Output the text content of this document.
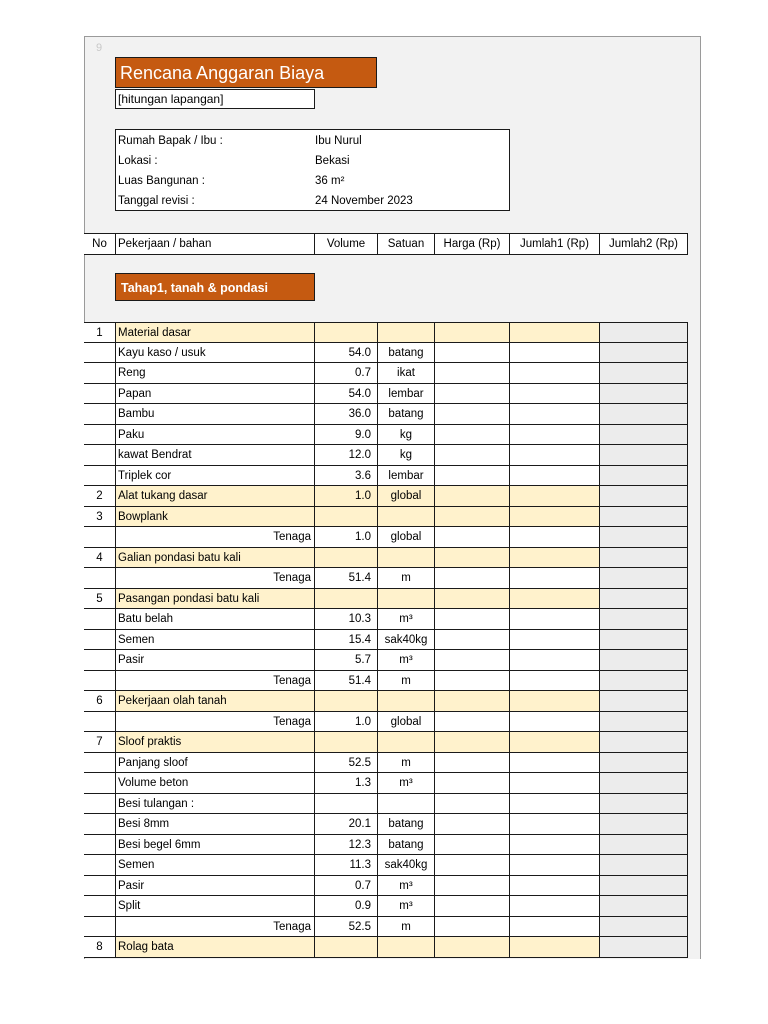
9
Rencana Anggaran Biaya
[hitungan lapangan]
Rumah Bapak / Ibu :	Ibu Nurul
Lokasi :	Bekasi
Luas Bangunan :	36 m²
Tanggal revisi :	24 November 2023
No Pekerjaan / bahan	Volume	Satuan	Harga (Rp)	Jumlah1 (Rp)	Jumlah2 (Rp)
Tahap1, tanah & pondasi
1	Material dasar
Kayu kaso / usuk	54.0	batang
Reng	0.7	ikat
Papan	54.0	lembar
Bambu	36.0	batang
Paku	9.0	kg
kawat Bendrat	12.0	kg
Triplek cor	3.6	lembar
2	Alat tukang dasar	1.0	global
3	Bowplank
Tenaga	1.0	global
4	Galian pondasi batu kali
Tenaga	51.4	m
5	Pasangan pondasi batu kali
Batu belah	10.3	m³
Semen	15.4	sak40kg
Pasir	5.7	m³
Tenaga	51.4	m
6	Pekerjaan olah tanah
Tenaga	1.0	global
7	Sloof praktis
Panjang sloof	52.5	m
Volume beton	1.3	m³
Besi tulangan :
Besi 8mm	20.1	batang
Besi begel 6mm	12.3	batang
Semen	11.3	sak40kg
Pasir	0.7	m³
Split	0.9	m³
Tenaga	52.5	m
8	Rolag bata
